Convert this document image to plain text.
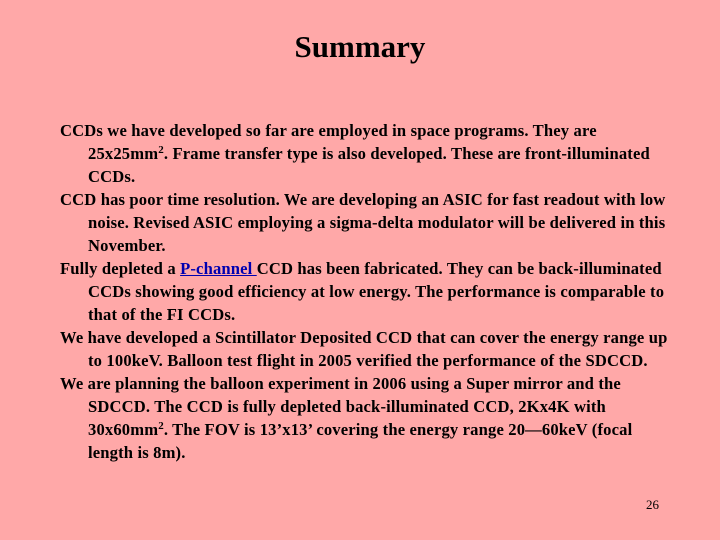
Summary

CCDs we have developed so far are employed in space programs. They are $25x25mm^2$. Frame transfer type is also developed. These are front-illuminated CCDs.

CCD has poor time resolution. We are developing an ASIC for fast readout with low noise. Revised ASIC employing a sigma-delta modulator will be delivered in this November.

Fully depleted a P-channel CCD has been fabricated. They can be back-illuminated CCDs showing good efficiency at low energy. The performance is comparable to that of the FI CCDs.

We have developed a Scintillator Deposited CCD that can cover the energy range up to 100keV. Balloon test flight in 2005 verified the performance of the SDCCD.

We are planning the balloon experiment in 2006 using a Super mirror and the SDCCD. The CCD is fully depleted back-illuminated CCD, 2Kx4K with $30x60mm^2$. The FOV is 13’x13’ covering the energy range 20—60keV (focal length is 8m).

26
